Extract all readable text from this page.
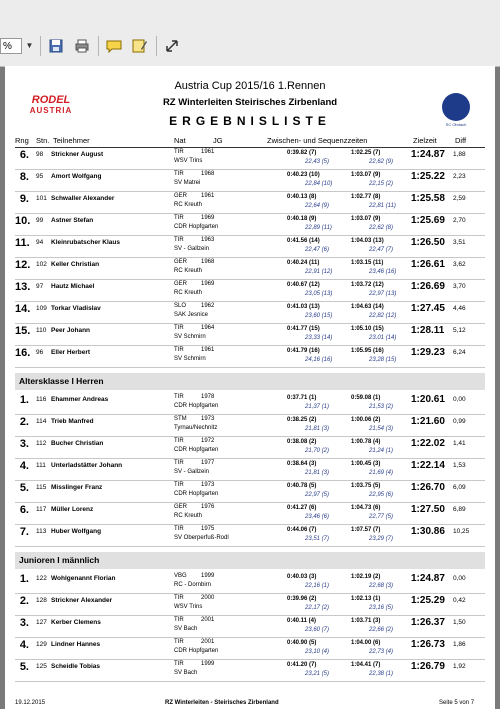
%	▼
RODEL
AUSTRIA
Austria Cup 2015/16 1.Rennen
RZ Winterleiten Steirisches Zirbenland
ERGEBNISLISTE	SC Obdach
Rng Stn. Teilnehmer	Nat	JG	Zwischen- und Sequenzzeiten	Zielzeit Diff
6. 98 Strickner August	TIR	1961
WSV Trins
0:39.82 (7)	1:02.25 (7)
22,43 (5)	22,62 (9)
1:24.87 1,88
8. 95 Amort Wolfgang	TIR	1968
SV Matrei
0:40.23 (10)	1:03.07 (9)
22,84 (10)	22,15 (2)
1:25.22 2,23
9. 101 Schwaller Alexander	GER 1961
RC Kreuth
0:40.13 (8)	1:02.77 (8)
22,64 (9)	22,81 (11)
1:25.58 2,59
10. 99 Astner Stefan	TIR	1969
CDR Hopfgarten
0:40.18 (9)	1:03.07 (9)
22,89 (11)	22,62 (8)
1:25.69 2,70
11. 94 Kleinrubatscher Klaus	TIR	1963
SV - Gallzein
0:41.56 (14)	1:04.03 (13)
22,47 (6)	22,47 (7)
1:26.50 3,51
12. 102 Keller Christian	GER 1968
RC Kreuth
0:40.24 (11)	1:03.15 (11)
22,91 (12)	23,46 (16)
1:26.61 3,62
13. 97 Hautz Michael	GER 1969
RC Kreuth
0:40.67 (12)	1:03.72 (12)
23,05 (13)	22,97 (13)
1:26.69 3,70
14. 109 Torkar Vladislav	SLO 1962
SAK Jesnice
0:41.03 (13)	1:04.63 (14)
23,60 (15)	22,82 (12)
1:27.45 4,46
15. 110 Peer Johann	TIR	1964
SV Schmirn
0:41.77 (15)	1:05.10 (15)
23,33 (14)	23,01 (14)
1:28.11 5,12
16. 96 Eller Herbert	TIR	1961
SV Schmirn
0:41.79 (16)	1:05.95 (16)
24,16 (16)	23,28 (15)
1:29.23 6,24
Altersklasse I Herren
1. 116 Ehammer Andreas	TIR	1978
CDR Hopfgarten
0:37.71 (1)	0:59.08 (1)
21,37 (1)	21,53 (2)
1:20.61 0,00
2. 114 Trieb Manfred	STM 1973
Tyrnau/Nechnitz
0:38.25 (2)	1:00.06 (2)
21,81 (3)	21,54 (3)
1:21.60 0,99
3. 112 Bucher Christian	TIR	1972
CDR Hopfgarten
0:38.08 (2)	1:00.78 (4)
21,70 (2)	21,24 (1)
1:22.02 1,41
4. 111 Unterladstätter Johann	TIR	1977
SV - Gallzein
0:38.64 (3)	1:00.45 (3)
21,81 (3)	21,69 (4)
1:22.14 1,53
5. 115 Misslinger Franz	TIR	1973
CDR Hopfgarten
0:40.78 (5)	1:03.75 (5)
22,97 (5)	22,95 (6)
1:26.70 6,09
6. 117 Müller Lorenz	GER 1976
RC Kreuth
0:41.27 (6)	1:04.73 (6)
23,46 (6)	22,77 (5)
1:27.50 6,89
7. 113 Huber Wolfgang	TIR	1975
SV Oberperfuß-Rodl
0:44.06 (7)	1:07.57 (7)
23,51 (7)	23,29 (7)
1:30.86 10,25
Junioren I männlich
1. 122 Wohlgenannt Florian	VBG 1999
RC - Dornbirn
0:40.03 (3)	1:02.19 (2)
22,16 (1)	22,68 (3)
1:24.87 0,00
2. 128 Strickner Alexander	TIR	2000
WSV Trins
0:39.96 (2)	1:02.13 (1)
22,17 (2)	23,16 (5)
1:25.29 0,42
3. 127 Kerber Clemens	TIR	2001
SV Bach
0:40.11 (4)	1:03.71 (3)
23,60 (7)	22,66 (2)
1:26.37 1,50
4. 129 Lindner Hannes	TIR	2001
CDR Hopfgarten
0:40.90 (5)	1:04.00 (6)
23,10 (4)	22,73 (4)
1:26.73 1,86
5. 125 Scheidle Tobias	TIR	1999
SV Bach
0:41.20 (7)	1:04.41 (7)
23,21 (5)	22,38 (1)
1:26.79 1,92
19.12.2015	RZ Winterleiten - Steirisches Zirbenland	Seite 5 von 7
